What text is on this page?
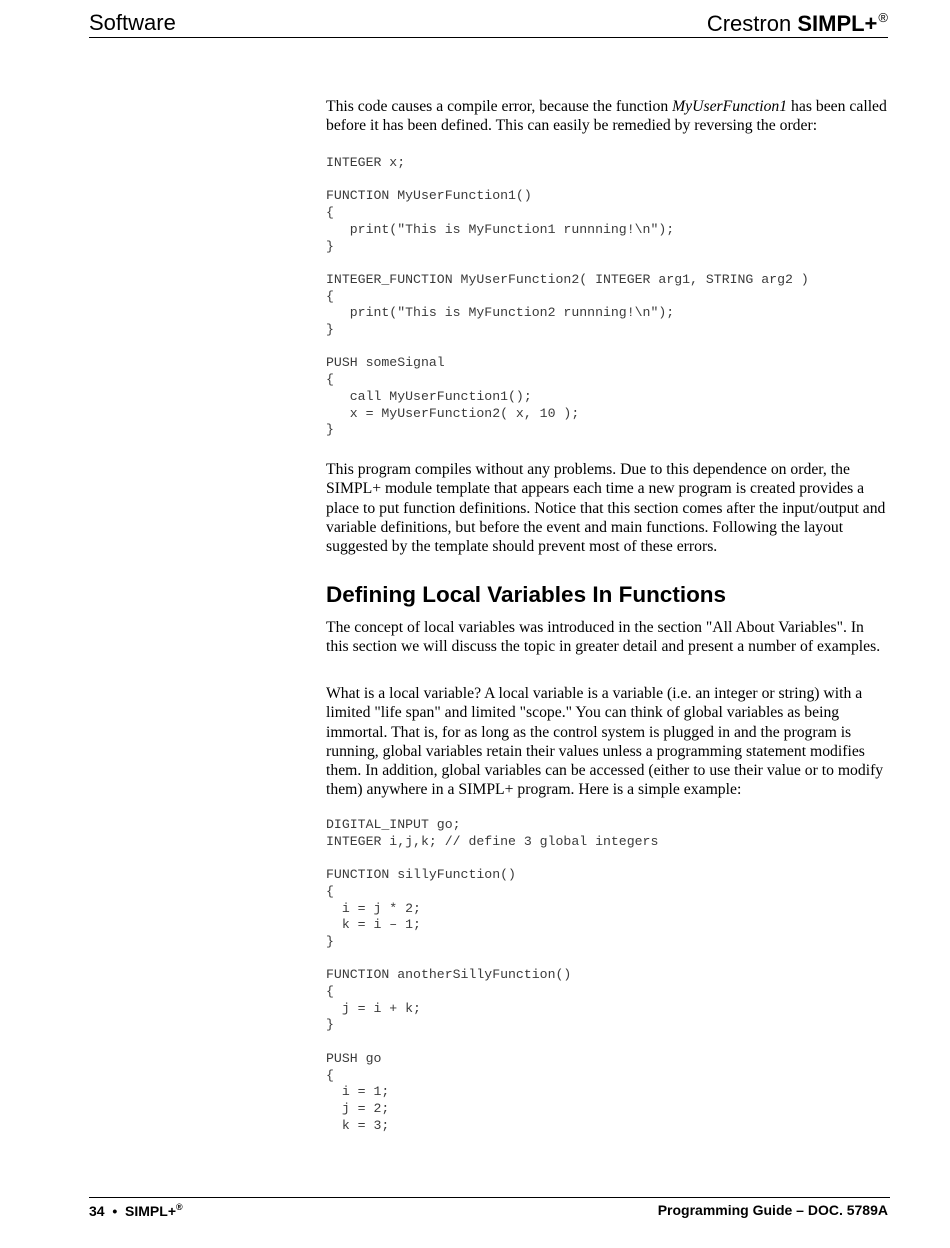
Software	Crestron SIMPL+®

This code causes a compile error, because the function MyUserFunction1 has been called before it has been defined. This can easily be remedied by reversing the order:

INTEGER x;

FUNCTION MyUserFunction1()
{
print("This is MyFunction1 runnning!\n");
}

INTEGER_FUNCTION MyUserFunction2( INTEGER arg1, STRING arg2 )
{
print("This is MyFunction2 runnning!\n");
}

PUSH someSignal
{
call MyUserFunction1();
x = MyUserFunction2( x, 10 );
}

This program compiles without any problems. Due to this dependence on order, the SIMPL+ module template that appears each time a new program is created provides a place to put function definitions. Notice that this section comes after the input/output and variable definitions, but before the event and main functions. Following the layout suggested by the template should prevent most of these errors.

Defining Local Variables In Functions

The concept of local variables was introduced in the section "All About Variables". In this section we will discuss the topic in greater detail and present a number of examples.

What is a local variable? A local variable is a variable (i.e. an integer or string) with a limited "life span" and limited "scope." You can think of global variables as being immortal. That is, for as long as the control system is plugged in and the program is running, global variables retain their values unless a programming statement modifies them. In addition, global variables can be accessed (either to use their value or to modify them) anywhere in a SIMPL+ program. Here is a simple example:

DIGITAL_INPUT go;
INTEGER i,j,k; // define 3 global integers

FUNCTION sillyFunction()
{
i = j * 2;
k = i – 1;
}

FUNCTION anotherSillyFunction()
{
j = i + k;
}

PUSH go
{
i = 1;
j = 2;
k = 3;
34 • SIMPL+®	Programming Guide – DOC. 5789A
